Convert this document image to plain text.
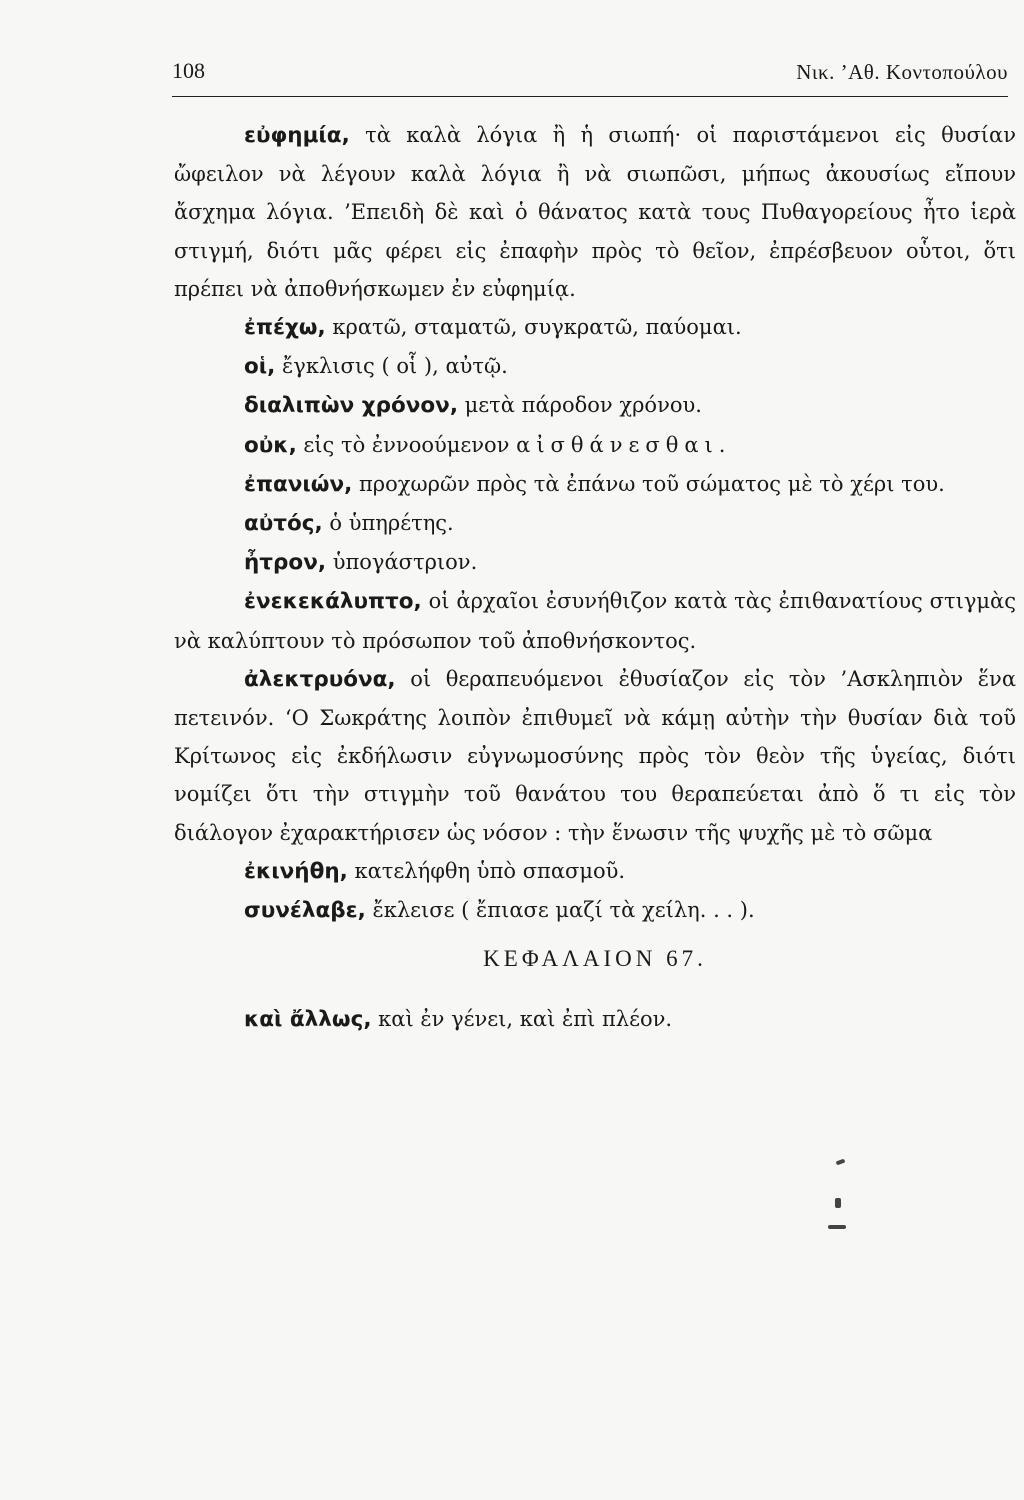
108	Νικ. ’Αθ. Κοντοπούλου

εὐφημία, τὰ καλὰ λόγια ἢ ἡ σιωπή· οἱ παριστάμενοι εἰς θυσίαν ὤφειλον νὰ λέγουν καλὰ λόγια ἢ νὰ σιωπῶσι, μήπως ἀκουσίως εἴπουν ἄσχημα λόγια. ’Επειδὴ δὲ καὶ ὁ θάνατος κατὰ τους Πυθαγορείους ἦτο ἱερὰ στιγμή, διότι μᾶς φέρει εἰς ἐπαφὴν πρὸς τὸ θεῖον, ἐπρέσβευον οὗτοι, ὅτι πρέπει νὰ ἀποθνήσκωμεν ἐν εὐφημίᾳ.

ἐπέχω, κρατῶ, σταματῶ, συγκρατῶ, παύομαι.

οἱ, ἔγκλισις ( οἷ ), αὐτῷ.

διαλιπὼν χρόνον, μετὰ πάροδον χρόνου.

οὐκ, εἰς τὸ ἐννοούμενον αἰσθάνεσθαι.

ἐπανιών, προχωρῶν πρὸς τὰ ἐπάνω τοῦ σώματος μὲ τὸ χέρι του.

αὐτός, ὁ ὑπηρέτης.

ἦτρον, ὑπογάστριον.

ἐνεκεκάλυπτο, οἱ ἀρχαῖοι ἐσυνήθιζον κατὰ τὰς ἐπιθανατίους στιγμὰς νὰ καλύπτουν τὸ πρόσωπον τοῦ ἀποθνήσκοντος.

ἀλεκτρυόνα, οἱ θεραπευόμενοι ἐθυσίαζον εἰς τὸν ’Ασκληπιὸν ἕνα πετεινόν. ‘Ο Σωκράτης λοιπὸν ἐπιθυμεῖ νὰ κάμῃ αὐτὴν τὴν θυσίαν διὰ τοῦ Κρίτωνος εἰς ἐκδήλωσιν εὐγνωμοσύνης πρὸς τὸν θεὸν τῆς ὑγείας, διότι νομίζει ὅτι τὴν στιγμὴν τοῦ θανάτου του θεραπεύεται ἀπὸ ὅ τι εἰς τὸν διάλογον ἐχαρακτήρισεν ὡς νόσον : τὴν ἕνωσιν τῆς ψυχῆς μὲ τὸ σῶμα

ἐκινήθη, κατελήφθη ὑπὸ σπασμοῦ.

συνέλαβε, ἔκλεισε ( ἔπιασε μαζί τὰ χείλη. . . ).

ΚΕΦΑΛΑΙΟΝ 67.

καὶ ἄλλως, καὶ ἐν γένει, καὶ ἐπὶ πλέον.
